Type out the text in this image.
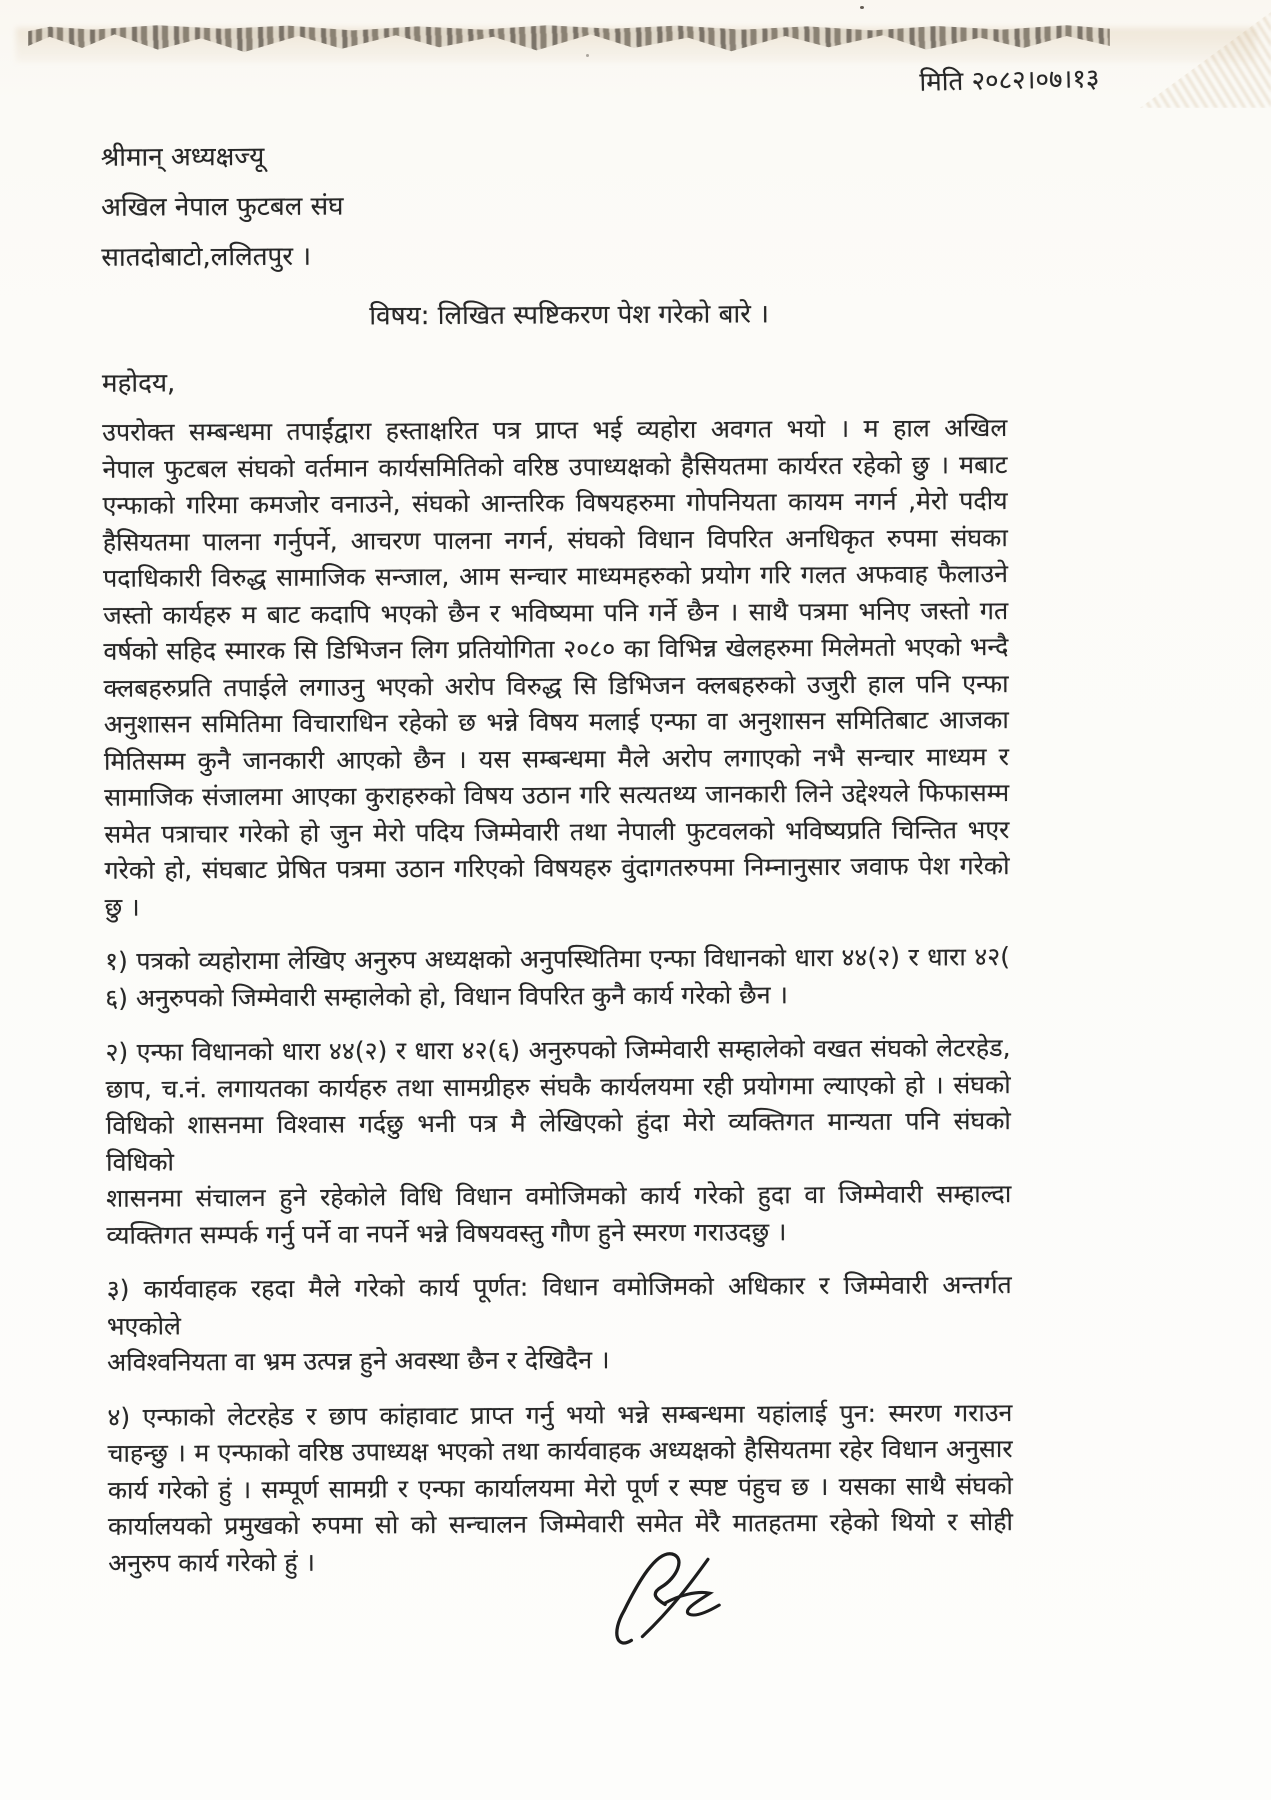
मिति २०८२।०७।१३
श्रीमान् अध्यक्षज्यू
अखिल नेपाल फुटबल संघ
सातदोबाटो,ललितपुर ।
विषय: लिखित स्पष्टिकरण पेश गरेको बारे ।
महोदय,
उपरोक्त सम्बन्धमा तपाईंद्वारा हस्ताक्षरित पत्र प्राप्त भई व्यहोरा अवगत भयो । म हाल अखिल
नेपाल फुटबल संघको वर्तमान कार्यसमितिको वरिष्ठ उपाध्यक्षको हैसियतमा कार्यरत रहेको छु । मबाट
एन्फाको गरिमा कमजोर वनाउने, संघको आन्तरिक विषयहरुमा गोपनियता कायम नगर्न ,मेरो पदीय
हैसियतमा पालना गर्नुपर्ने, आचरण पालना नगर्न, संघको विधान विपरित अनधिकृत रुपमा संघका
पदाधिकारी विरुद्ध सामाजिक सन्जाल, आम सन्चार माध्यमहरुको प्रयोग गरि गलत अफवाह फैलाउने
जस्तो कार्यहरु म बाट कदापि भएको छैन र भविष्यमा पनि गर्ने छैन । साथै पत्रमा भनिए जस्तो गत
वर्षको सहिद स्मारक सि डिभिजन लिग प्रतियोगिता २०८० का विभिन्न खेलहरुमा मिलेमतो भएको भन्दै
क्लबहरुप्रति तपाईले लगाउनु भएको अरोप विरुद्ध सि डिभिजन क्लबहरुको उजुरी हाल पनि एन्फा
अनुशासन समितिमा विचाराधिन रहेको छ भन्ने विषय मलाई एन्फा वा अनुशासन समितिबाट आजका
मितिसम्म कुनै जानकारी आएको छैन । यस सम्बन्धमा मैले अरोप लगाएको नभै सन्चार माध्यम र
सामाजिक संजालमा आएका कुराहरुको विषय उठान गरि सत्यतथ्य जानकारी लिने उद्देश्यले फिफासम्म
समेत पत्राचार गरेको हो जुन मेरो पदिय जिम्मेवारी तथा नेपाली फुटवलको भविष्यप्रति चिन्तित भएर
गरेको हो, संघबाट प्रेषित पत्रमा उठान गरिएको विषयहरु वुंदागतरुपमा निम्नानुसार जवाफ पेश गरेको
छु ।
१) पत्रको व्यहोरामा लेखिए अनुरुप अध्यक्षको अनुपस्थितिमा एन्फा विधानको धारा ४४(२) र धारा ४२(
६) अनुरुपको जिम्मेवारी सम्हालेको हो, विधान विपरित कुनै कार्य गरेको छैन ।
२) एन्फा विधानको धारा ४४(२) र धारा ४२(६) अनुरुपको जिम्मेवारी सम्हालेको वखत संघको लेटरहेड,
छाप, च.नं. लगायतका कार्यहरु तथा सामग्रीहरु संघकै कार्यलयमा रही प्रयोगमा ल्याएको हो । संघको
विधिको शासनमा विश्वास गर्दछु भनी पत्र मै लेखिएको हुंदा मेरो व्यक्तिगत मान्यता पनि संघको विधिको
शासनमा संचालन हुने रहेकोले विधि विधान वमोजिमको कार्य गरेको हुदा वा जिम्मेवारी सम्हाल्दा
व्यक्तिगत सम्पर्क गर्नु पर्ने वा नपर्ने भन्ने विषयवस्तु गौण हुने स्मरण गराउदछु ।
३) कार्यवाहक रहदा मैले गरेको कार्य पूर्णत: विधान वमोजिमको अधिकार र जिम्मेवारी अन्तर्गत भएकोले
अविश्वनियता वा भ्रम उत्पन्न हुने अवस्था छैन र देखिदैन ।
४) एन्फाको लेटरहेड र छाप कांहावाट प्राप्त गर्नु भयो भन्ने सम्बन्धमा यहांलाई पुन: स्मरण गराउन
चाहन्छु । म एन्फाको वरिष्ठ उपाध्यक्ष भएको तथा कार्यवाहक अध्यक्षको हैसियतमा रहेर विधान अनुसार
कार्य गरेको हुं । सम्पूर्ण सामग्री र एन्फा कार्यालयमा मेरो पूर्ण र स्पष्ट पंहुच छ । यसका साथै संघको
कार्यालयको प्रमुखको रुपमा सो को सन्चालन जिम्मेवारी समेत मेरै मातहतमा रहेको थियो र सोही
अनुरुप कार्य गरेको हुं ।
